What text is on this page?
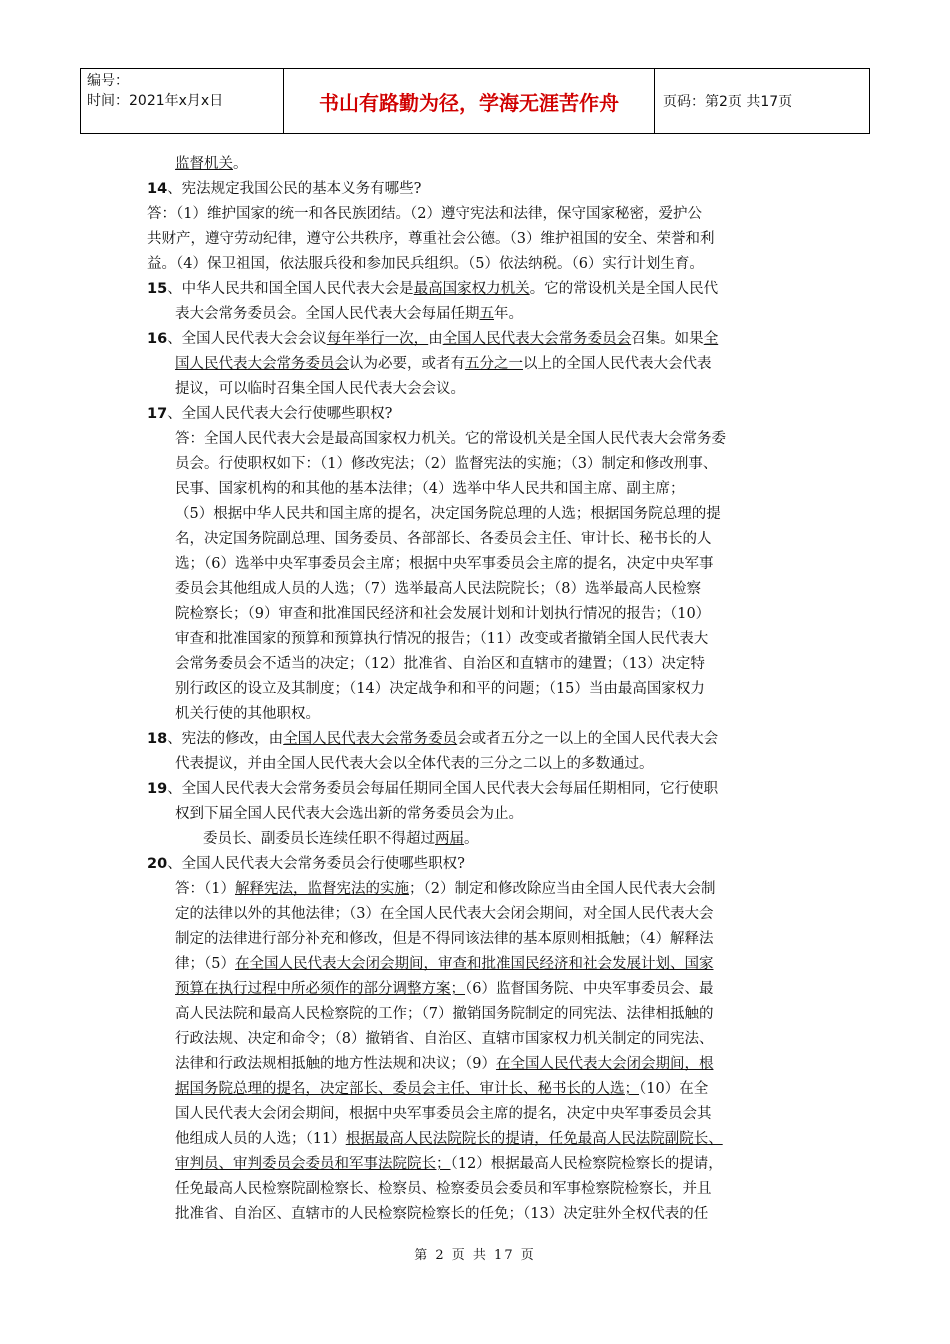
编号：
时间：2021年x月x日	书山有路勤为径，学海无涯苦作舟	页码：第2页 共17页
监督机关。
14、宪法规定我国公民的基本义务有哪些?
答：（1）维护国家的统一和各民族团结。（2）遵守宪法和法律，保守国家秘密，爱护公
共财产，遵守劳动纪律，遵守公共秩序，尊重社会公德。（3）维护祖国的安全、荣誉和利
益。（4）保卫祖国，依法服兵役和参加民兵组织。（5）依法纳税。（6）实行计划生育。
15、中华人民共和国全国人民代表大会是最高国家权力机关。它的常设机关是全国人民代
表大会常务委员会。全国人民代表大会每届任期五年。
16、全国人民代表大会会议每年举行一次，由全国人民代表大会常务委员会召集。如果全
国人民代表大会常务委员会认为必要，或者有五分之一以上的全国人民代表大会代表
提议，可以临时召集全国人民代表大会会议。
17、全国人民代表大会行使哪些职权?
答：全国人民代表大会是最高国家权力机关。它的常设机关是全国人民代表大会常务委
员会。行使职权如下：（1）修改宪法；（2）监督宪法的实施；（3）制定和修改刑事、
民事、国家机构的和其他的基本法律；（4）选举中华人民共和国主席、副主席；
（5）根据中华人民共和国主席的提名，决定国务院总理的人选；根据国务院总理的提
名，决定国务院副总理、国务委员、各部部长、各委员会主任、审计长、秘书长的人
选；（6）选举中央军事委员会主席；根据中央军事委员会主席的提名，决定中央军事
委员会其他组成人员的人选；（7）选举最高人民法院院长；（8）选举最高人民检察
院检察长；（9）审查和批准国民经济和社会发展计划和计划执行情况的报告；（10）
审查和批准国家的预算和预算执行情况的报告；（11）改变或者撤销全国人民代表大
会常务委员会不适当的决定；（12）批准省、自治区和直辖市的建置；（13）决定特
别行政区的设立及其制度；（14）决定战争和和平的问题；（15）当由最高国家权力
机关行使的其他职权。
18、宪法的修改，由全国人民代表大会常务委员会或者五分之一以上的全国人民代表大会
代表提议，并由全国人民代表大会以全体代表的三分之二以上的多数通过。
19、全国人民代表大会常务委员会每届任期同全国人民代表大会每届任期相同，它行使职
权到下届全国人民代表大会选出新的常务委员会为止。
委员长、副委员长连续任职不得超过两届。
20、全国人民代表大会常务委员会行使哪些职权?
答：（1）解释宪法，监督宪法的实施；（2）制定和修改除应当由全国人民代表大会制
定的法律以外的其他法律；（3）在全国人民代表大会闭会期间，对全国人民代表大会
制定的法律进行部分补充和修改，但是不得同该法律的基本原则相抵触；（4）解释法
律；（5）在全国人民代表大会闭会期间，审查和批准国民经济和社会发展计划、国家
预算在执行过程中所必须作的部分调整方案；（6）监督国务院、中央军事委员会、最
高人民法院和最高人民检察院的工作；（7）撤销国务院制定的同宪法、法律相抵触的
行政法规、决定和命令；（8）撤销省、自治区、直辖市国家权力机关制定的同宪法、
法律和行政法规相抵触的地方性法规和决议；（9）在全国人民代表大会闭会期间，根
据国务院总理的提名，决定部长、委员会主任、审计长、秘书长的人选；（10）在全
国人民代表大会闭会期间，根据中央军事委员会主席的提名，决定中央军事委员会其
他组成人员的人选；（11）根据最高人民法院院长的提请，任免最高人民法院副院长、
审判员、审判委员会委员和军事法院院长；（12）根据最高人民检察院检察长的提请，
任免最高人民检察院副检察长、检察员、检察委员会委员和军事检察院检察长，并且
批准省、自治区、直辖市的人民检察院检察长的任免；（13）决定驻外全权代表的任
第 2 页 共 17 页
